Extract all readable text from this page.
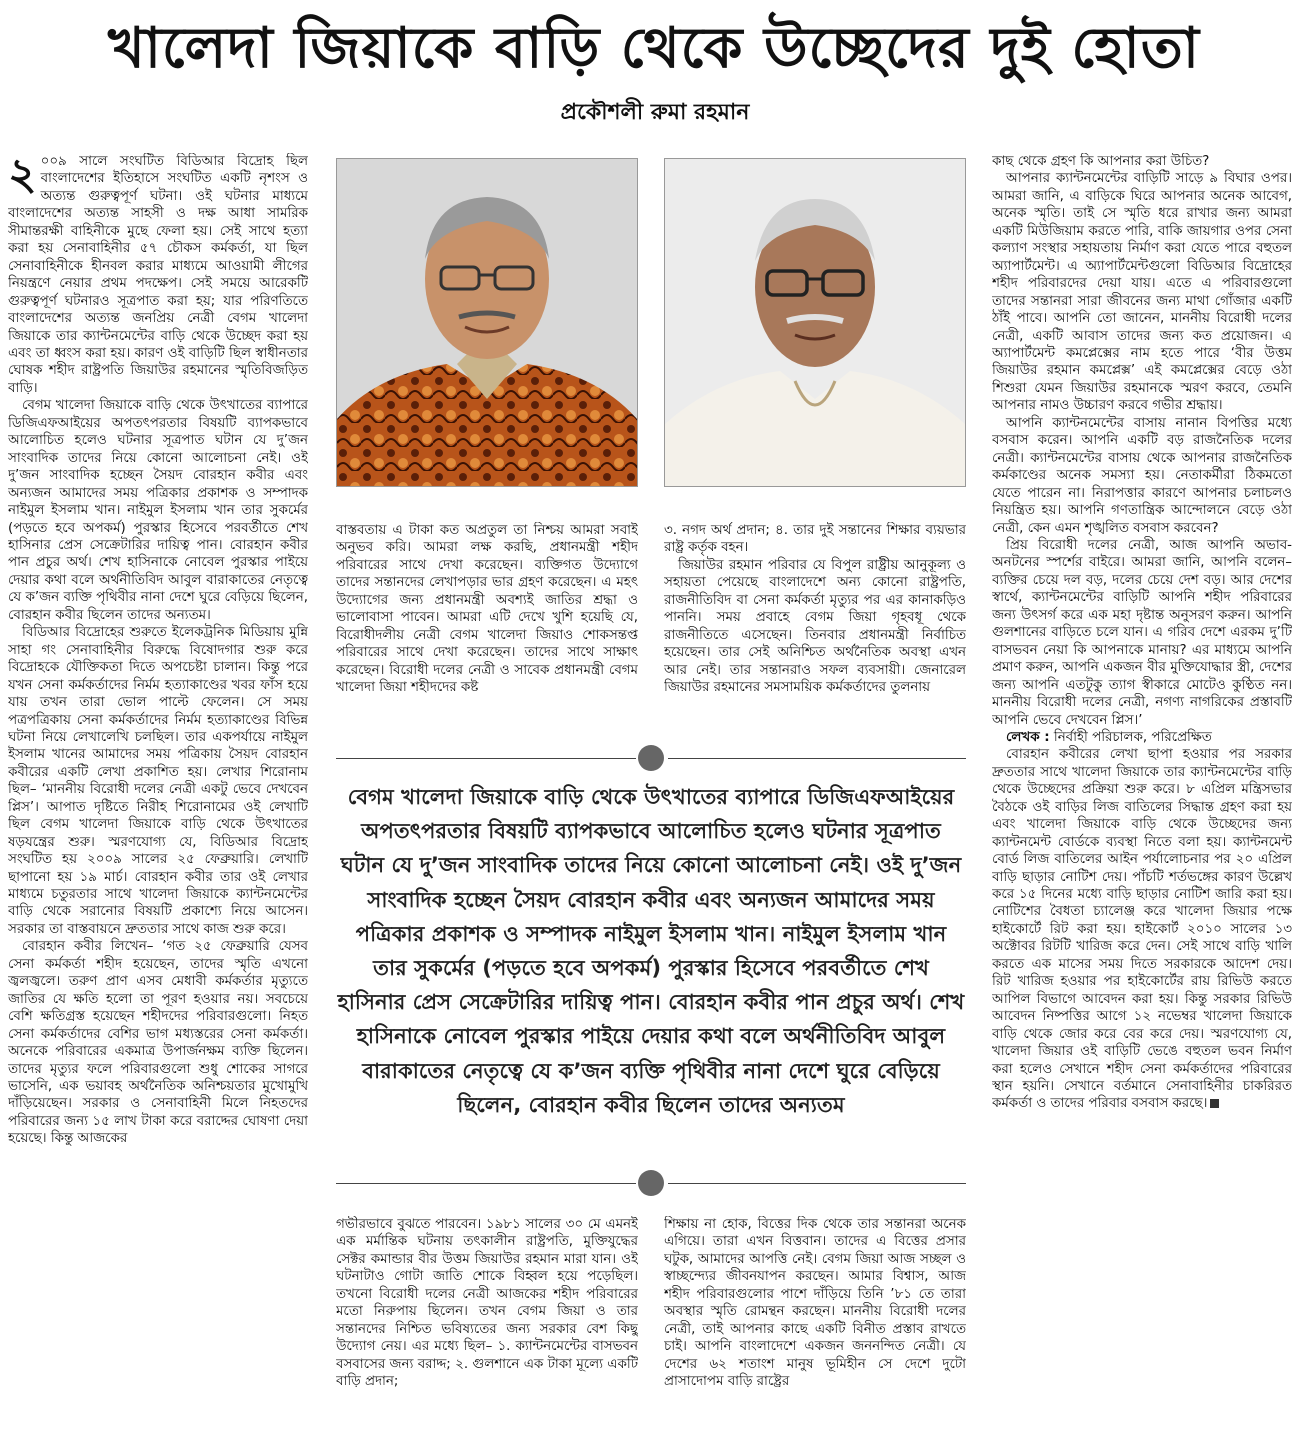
খালেদা জিয়াকে বাড়ি থেকে উচ্ছেদের দুই হোতা
প্রকৌশলী রুমা রহমান

২ ০০৯ সালে সংঘটিত বিডিআর বিদ্রোহ ছিল বাংলাদেশের ইতিহাসে সংঘটিত একটি নৃশংস ও অত্যন্ত গুরুত্বপূর্ণ ঘটনা। ওই ঘটনার মাধ্যমে বাংলাদেশের অত্যন্ত সাহসী ও দক্ষ আধা সামরিক সীমান্তরক্ষী বাহিনীকে মুছে ফেলা হয়। সেই সাথে হত্যা করা হয় সেনাবাহিনীর ৫৭ চৌকস কর্মকর্তা, যা ছিল সেনাবাহিনীকে হীনবল করার মাধ্যমে আওয়ামী লীগের নিয়ন্ত্রণে নেয়ার প্রথম পদক্ষেপ। সেই সময়ে আরেকটি গুরুত্বপূর্ণ ঘটনারও সূত্রপাত করা হয়; যার পরিণতিতে বাংলাদেশের অত্যন্ত জনপ্রিয় নেত্রী বেগম খালেদা জিয়াকে তার ক্যান্টনমেন্টের বাড়ি থেকে উচ্ছেদ করা হয় এবং তা ধ্বংস করা হয়। কারণ ওই বাড়িটি ছিল স্বাধীনতার ঘোষক শহীদ রাষ্ট্রপতি জিয়াউর রহমানের স্মৃতিবিজড়িত বাড়ি।

বেগম খালেদা জিয়াকে বাড়ি থেকে উৎখাতের ব্যাপারে ডিজিএফআইয়ের অপতৎপরতার বিষয়টি ব্যাপকভাবে আলোচিত হলেও ঘটনার সূত্রপাত ঘটান যে দু’জন সাংবাদিক তাদের নিয়ে কোনো আলোচনা নেই। ওই দু’জন সাংবাদিক হচ্ছেন সৈয়দ বোরহান কবীর এবং অন্যজন আমাদের সময় পত্রিকার প্রকাশক ও সম্পাদক নাইমুল ইসলাম খান। নাইমুল ইসলাম খান তার সুকর্মের (পড়তে হবে অপকর্ম) পুরস্কার হিসেবে পরবর্তীতে শেখ হাসিনার প্রেস সেক্রেটারির দায়িত্ব পান। বোরহান কবীর পান প্রচুর অর্থ। শেখ হাসিনাকে নোবেল পুরস্কার পাইয়ে দেয়ার কথা বলে অর্থনীতিবিদ আবুল বারাকাতের নেতৃত্বে যে ক’জন ব্যক্তি পৃথিবীর নানা দেশে ঘুরে বেড়িয়ে ছিলেন, বোরহান কবীর ছিলেন তাদের অন্যতম।

বিডিআর বিদ্রোহের শুরুতে ইলেকট্রনিক মিডিয়ায় মুন্নি সাহা গং সেনাবাহিনীর বিরুদ্ধে বিষোদগার শুরু করে বিদ্রোহকে যৌক্তিকতা দিতে অপচেষ্টা চালান। কিন্তু পরে যখন সেনা কর্মকর্তাদের নির্মম হত্যাকাণ্ডের খবর ফাঁস হয়ে যায় তখন তারা ভোল পাল্টে ফেলেন। সে সময় পত্রপত্রিকায় সেনা কর্মকর্তাদের নির্মম হত্যাকাণ্ডের বিভিন্ন ঘটনা নিয়ে লেখালেখি চলছিল। তার একপর্যায়ে নাইমুল ইসলাম খানের আমাদের সময় পত্রিকায় সৈয়দ বোরহান কবীরের একটি লেখা প্রকাশিত হয়। লেখার শিরোনাম ছিল– ‘মাননীয় বিরোধী দলের নেত্রী একটু ভেবে দেখবেন প্লিস’। আপাত দৃষ্টিতে নিরীহ শিরোনামের ওই লেখাটি ছিল বেগম খালেদা জিয়াকে বাড়ি থেকে উৎখাতের ষড়যন্ত্রের শুরু। স্মরণযোগ্য যে, বিডিআর বিদ্রোহ সংঘটিত হয় ২০০৯ সালের ২৫ ফেব্রুয়ারি। লেখাটি ছাপানো হয় ১৯ মার্চ। বোরহান কবীর তার ওই লেখার মাধ্যমে চতুরতার সাথে খালেদা জিয়াকে ক্যান্টনমেন্টের বাড়ি থেকে সরানোর বিষয়টি প্রকাশ্যে নিয়ে আসেন। সরকার তা বাস্তবায়নে দ্রুততার সাথে কাজ শুরু করে।

বোরহান কবীর লিখেন– ‘গত ২৫ ফেব্রুয়ারি যেসব সেনা কর্মকর্তা শহীদ হয়েছেন, তাদের স্মৃতি এখনো জ্বলজ্বলে। তরুণ প্রাণ এসব মেধাবী কর্মকর্তার মৃত্যুতে জাতির যে ক্ষতি হলো তা পূরণ হওয়ার নয়। সবচেয়ে বেশি ক্ষতিগ্রস্ত হয়েছেন শহীদদের পরিবারগুলো। নিহত সেনা কর্মকর্তাদের বেশির ভাগ মধ্যস্তরের সেনা কর্মকর্তা। অনেকে পরিবারের একমাত্র উপার্জনক্ষম ব্যক্তি ছিলেন। তাদের মৃত্যুর ফলে পরিবারগুলো শুধু শোকের সাগরে ভাসেনি, এক ভয়াবহ অর্থনৈতিক অনিশ্চয়তার মুখোমুখি দাঁড়িয়েছেন। সরকার ও সেনাবাহিনী মিলে নিহতদের পরিবারের জন্য ১৫ লাখ টাকা করে বরাদ্দের ঘোষণা দেয়া হয়েছে। কিন্তু আজকের

বাস্তবতায় এ টাকা কত অপ্রতুল তা নিশ্চয় আমরা সবাই অনুভব করি। আমরা লক্ষ করছি, প্রধানমন্ত্রী শহীদ পরিবারের সাথে দেখা করেছেন। ব্যক্তিগত উদ্যোগে তাদের সন্তানদের লেখাপড়ার ভার গ্রহণ করেছেন। এ মহৎ উদ্যোগের জন্য প্রধানমন্ত্রী অবশ্যই জাতির শ্রদ্ধা ও ভালোবাসা পাবেন। আমরা এটি দেখে খুশি হয়েছি যে, বিরোধীদলীয় নেত্রী বেগম খালেদা জিয়াও শোকসন্তপ্ত পরিবারের সাথে দেখা করেছেন। তাদের সাথে সাক্ষাৎ করেছেন। বিরোধী দলের নেত্রী ও সাবেক প্রধানমন্ত্রী বেগম খালেদা জিয়া শহীদদের কষ্ট

৩. নগদ অর্থ প্রদান; ৪. তার দুই সন্তানের শিক্ষার ব্যয়ভার রাষ্ট্র কর্তৃক বহন।

জিয়াউর রহমান পরিবার যে বিপুল রাষ্ট্রীয় আনুকূল্য ও সহায়তা পেয়েছে বাংলাদেশে অন্য কোনো রাষ্ট্রপতি, রাজনীতিবিদ বা সেনা কর্মকর্তা মৃত্যুর পর এর কানাকড়িও পাননি। সময় প্রবাহে বেগম জিয়া গৃহবধূ থেকে রাজনীতিতে এসেছেন। তিনবার প্রধানমন্ত্রী নির্বাচিত হয়েছেন। তার সেই অনিশ্চিত অর্থনৈতিক অবস্থা এখন আর নেই। তার সন্তানরাও সফল ব্যবসায়ী। জেনারেল জিয়াউর রহমানের সমসাময়িক কর্মকর্তাদের তুলনায়

বেগম খালেদা জিয়াকে বাড়ি থেকে উৎখাতের ব্যাপারে ডিজিএফআইয়ের অপতৎপরতার বিষয়টি ব্যাপকভাবে আলোচিত হলেও ঘটনার সূত্রপাত ঘটান যে দু’জন সাংবাদিক তাদের নিয়ে কোনো আলোচনা নেই। ওই দু’জন সাংবাদিক হচ্ছেন সৈয়দ বোরহান কবীর এবং অন্যজন আমাদের সময় পত্রিকার প্রকাশক ও সম্পাদক নাইমুল ইসলাম খান। নাইমুল ইসলাম খান তার সুকর্মের (পড়তে হবে অপকর্ম) পুরস্কার হিসেবে পরবর্তীতে শেখ হাসিনার প্রেস সেক্রেটারির দায়িত্ব পান। বোরহান কবীর পান প্রচুর অর্থ। শেখ হাসিনাকে নোবেল পুরস্কার পাইয়ে দেয়ার কথা বলে অর্থনীতিবিদ আবুল বারাকাতের নেতৃত্বে যে ক’জন ব্যক্তি পৃথিবীর নানা দেশে ঘুরে বেড়িয়ে ছিলেন, বোরহান কবীর ছিলেন তাদের অন্যতম

গভীরভাবে বুঝতে পারবেন। ১৯৮১ সালের ৩০ মে এমনই এক মর্মান্তিক ঘটনায় তৎকালীন রাষ্ট্রপতি, মুক্তিযুদ্ধের সেক্টর কমান্ডার বীর উত্তম জিয়াউর রহমান মারা যান। ওই ঘটনাটাও গোটা জাতি শোকে বিহ্বল হয়ে পড়েছিল। তখনো বিরোধী দলের নেত্রী আজকের শহীদ পরিবারের মতো নিরুপায় ছিলেন। তখন বেগম জিয়া ও তার সন্তানদের নিশ্চিত ভবিষ্যতের জন্য সরকার বেশ কিছু উদ্যোগ নেয়। এর মধ্যে ছিল– ১. ক্যান্টনমেন্টের বাসভবন বসবাসের জন্য বরাদ্দ; ২. গুলশানে এক টাকা মূল্যে একটি বাড়ি প্রদান;

শিক্ষায় না হোক, বিত্তের দিক থেকে তার সন্তানরা অনেক এগিয়ে। তারা এখন বিত্তবান। তাদের এ বিত্তের প্রসার ঘটুক, আমাদের আপত্তি নেই। বেগম জিয়া আজ সচ্ছল ও স্বাচ্ছন্দ্যের জীবনযাপন করছেন। আমার বিশ্বাস, আজ শহীদ পরিবারগুলোর পাশে দাঁড়িয়ে তিনি ’৮১ তে তারা অবস্থার স্মৃতি রোমন্থন করছেন। মাননীয় বিরোধী দলের নেত্রী, তাই আপনার কাছে একটি বিনীত প্রস্তাব রাখতে চাই। আপনি বাংলাদেশে একজন জননন্দিত নেত্রী। যে দেশের ৬২ শতাংশ মানুষ ভূমিহীন সে দেশে দুটো প্রাসাদোপম বাড়ি রাষ্ট্রের

কাছ থেকে গ্রহণ কি আপনার করা উচিত?

আপনার ক্যান্টনমেন্টের বাড়িটি সাড়ে ৯ বিঘার ওপর। আমরা জানি, এ বাড়িকে ঘিরে আপনার অনেক আবেগ, অনেক স্মৃতি। তাই সে স্মৃতি ধরে রাখার জন্য আমরা একটি মিউজিয়াম করতে পারি, বাকি জায়গার ওপর সেনা কল্যাণ সংস্থার সহায়তায় নির্মাণ করা যেতে পারে বহুতল অ্যাপার্টমেন্ট। এ অ্যাপার্টমেন্টগুলো বিডিআর বিদ্রোহের শহীদ পরিবারদের দেয়া যায়। এতে এ পরিবারগুলো তাদের সন্তানরা সারা জীবনের জন্য মাথা গোঁজার একটি ঠাঁই পাবে। আপনি তো জানেন, মাননীয় বিরোধী দলের নেত্রী, একটি আবাস তাদের জন্য কত প্রয়োজন। এ অ্যাপার্টমেন্ট কমপ্লেক্সের নাম হতে পারে ‘বীর উত্তম জিয়াউর রহমান কমপ্লেক্স’ এই কমপ্লেক্সের বেড়ে ওঠা শিশুরা যেমন জিয়াউর রহমানকে স্মরণ করবে, তেমনি আপনার নামও উচ্চারণ করবে গভীর শ্রদ্ধায়।

আপনি ক্যান্টনমেন্টের বাসায় নানান বিপত্তির মধ্যে বসবাস করেন। আপনি একটি বড় রাজনৈতিক দলের নেত্রী। ক্যান্টনমেন্টের বাসায় থেকে আপনার রাজনৈতিক কর্মকাণ্ডের অনেক সমস্যা হয়। নেতাকর্মীরা ঠিকমতো যেতে পারেন না। নিরাপত্তার কারণে আপনার চলাচলও নিয়ন্ত্রিত হয়। আপনি গণতান্ত্রিক আন্দোলনে বেড়ে ওঠা নেত্রী, কেন এমন শৃঙ্খলিত বসবাস করবেন?

প্রিয় বিরোধী দলের নেত্রী, আজ আপনি অভাব-অনটনের স্পর্শের বাইরে। আমরা জানি, আপনি বলেন– ব্যক্তির চেয়ে দল বড়, দলের চেয়ে দেশ বড়। আর দেশের স্বার্থে, ক্যান্টনমেন্টের বাড়িটি আপনি শহীদ পরিবারের জন্য উৎসর্গ করে এক মহা দৃষ্টান্ত অনুসরণ করুন। আপনি গুলশানের বাড়িতে চলে যান। এ গরিব দেশে এরকম দু’টি বাসভবন নেয়া কি আপনাকে মানায়? এর মাধ্যমে আপনি প্রমাণ করুন, আপনি একজন বীর মুক্তিযোদ্ধার স্ত্রী, দেশের জন্য আপনি এতটুকু ত্যাগ স্বীকারে মোটেও কুণ্ঠিত নন। মাননীয় বিরোধী দলের নেত্রী, নগণ্য নাগরিকের প্রস্তাবটি আপনি ভেবে দেখবেন প্লিস।’

লেখক : নির্বাহী পরিচালক, পরিপ্রেক্ষিত

বোরহান কবীরের লেখা ছাপা হওয়ার পর সরকার দ্রুততার সাথে খালেদা জিয়াকে তার ক্যান্টনমেন্টের বাড়ি থেকে উচ্ছেদের প্রক্রিয়া শুরু করে। ৮ এপ্রিল মন্ত্রিসভার বৈঠকে ওই বাড়ির লিজ বাতিলের সিদ্ধান্ত গ্রহণ করা হয় এবং খালেদা জিয়াকে বাড়ি থেকে উচ্ছেদের জন্য ক্যান্টনমেন্ট বোর্ডকে ব্যবস্থা নিতে বলা হয়। ক্যান্টনমেন্ট বোর্ড লিজ বাতিলের আইন পর্যালোচনার পর ২০ এপ্রিল বাড়ি ছাড়ার নোটিশ দেয়। পাঁচটি শর্তভঙ্গের কারণ উল্লেখ করে ১৫ দিনের মধ্যে বাড়ি ছাড়ার নোটিশ জারি করা হয়। নোটিশের বৈধতা চ্যালেঞ্জ করে খালেদা জিয়ার পক্ষে হাইকোর্টে রিট করা হয়। হাইকোর্ট ২০১০ সালের ১৩ অক্টোবর রিটটি খারিজ করে দেন। সেই সাথে বাড়ি খালি করতে এক মাসের সময় দিতে সরকারকে আদেশ দেয়। রিট খারিজ হওয়ার পর হাইকোর্টের রায় রিভিউ করতে আপিল বিভাগে আবেদন করা হয়। কিন্তু সরকার রিভিউ আবেদন নিষ্পত্তির আগে ১২ নভেম্বর খালেদা জিয়াকে বাড়ি থেকে জোর করে বের করে দেয়। স্মরণযোগ্য যে, খালেদা জিয়ার ওই বাড়িটি ভেঙে বহুতল ভবন নির্মাণ করা হলেও সেখানে শহীদ সেনা কর্মকর্তাদের পরিবারের স্থান হয়নি। সেখানে বর্তমানে সেনাবাহিনীর চাকরিরত কর্মকর্তা ও তাদের পরিবার বসবাস করছে।
